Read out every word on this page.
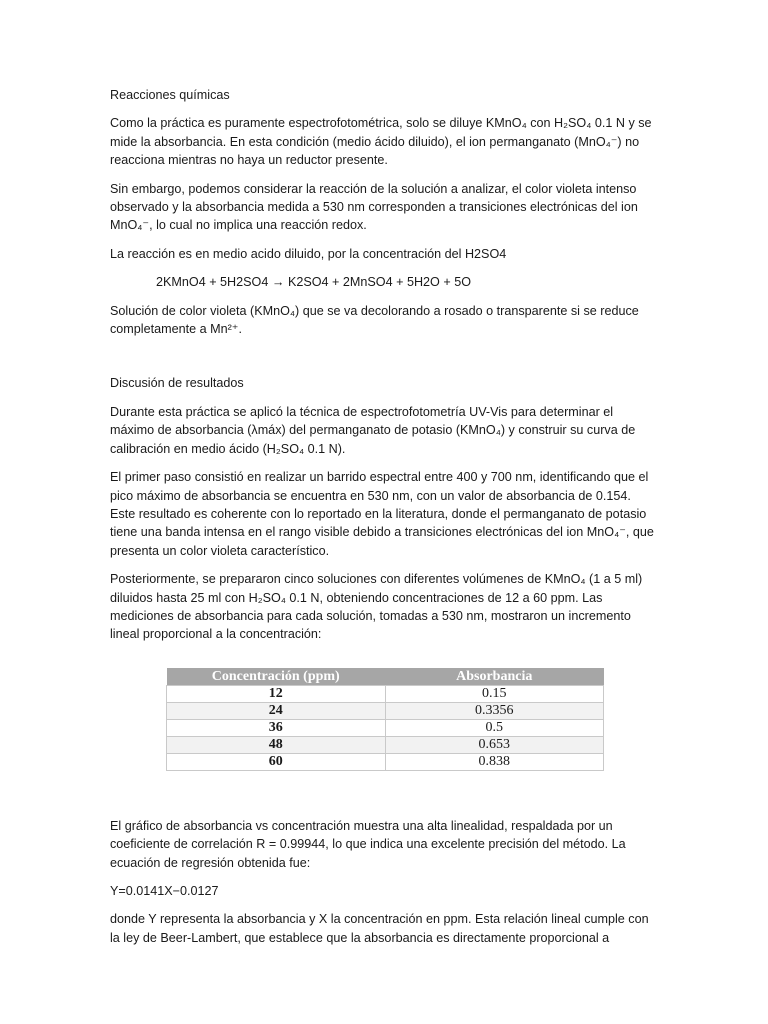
Reacciones químicas

Como la práctica es puramente espectrofotométrica, solo se diluye KMnO₄ con H₂SO₄ 0.1 N y se mide la absorbancia. En esta condición (medio ácido diluido), el ion permanganato (MnO₄⁻) no reacciona mientras no haya un reductor presente.

Sin embargo, podemos considerar la reacción de la solución a analizar, el color violeta intenso observado y la absorbancia medida a 530 nm corresponden a transiciones electrónicas del ion MnO₄⁻, lo cual no implica una reacción redox.

La reacción es en medio acido diluido, por la concentración del H2SO4

2KMnO4 + 5H2SO4 → K2SO4 + 2MnSO4 + 5H2O + 5O

Solución de color violeta (KMnO₄) que se va decolorando a rosado o transparente si se reduce completamente a Mn²⁺.

Discusión de resultados

Durante esta práctica se aplicó la técnica de espectrofotometría UV-Vis para determinar el máximo de absorbancia (λmáx) del permanganato de potasio (KMnO₄) y construir su curva de calibración en medio ácido (H₂SO₄ 0.1 N).

El primer paso consistió en realizar un barrido espectral entre 400 y 700 nm, identificando que el pico máximo de absorbancia se encuentra en 530 nm, con un valor de absorbancia de 0.154. Este resultado es coherente con lo reportado en la literatura, donde el permanganato de potasio tiene una banda intensa en el rango visible debido a transiciones electrónicas del ion MnO₄⁻, que presenta un color violeta característico.

Posteriormente, se prepararon cinco soluciones con diferentes volúmenes de KMnO₄ (1 a 5 ml) diluidos hasta 25 ml con H₂SO₄ 0.1 N, obteniendo concentraciones de 12 a 60 ppm. Las mediciones de absorbancia para cada solución, tomadas a 530 nm, mostraron un incremento lineal proporcional a la concentración:

Concentración (ppm)	Absorbancia
12	0.15
24	0.3356
36	0.5
48	0.653
60	0.838

El gráfico de absorbancia vs concentración muestra una alta linealidad, respaldada por un coeficiente de correlación R = 0.99944, lo que indica una excelente precisión del método. La ecuación de regresión obtenida fue:

Y=0.0141X−0.0127

donde Y representa la absorbancia y X la concentración en ppm. Esta relación lineal cumple con la ley de Beer-Lambert, que establece que la absorbancia es directamente proporcional a
